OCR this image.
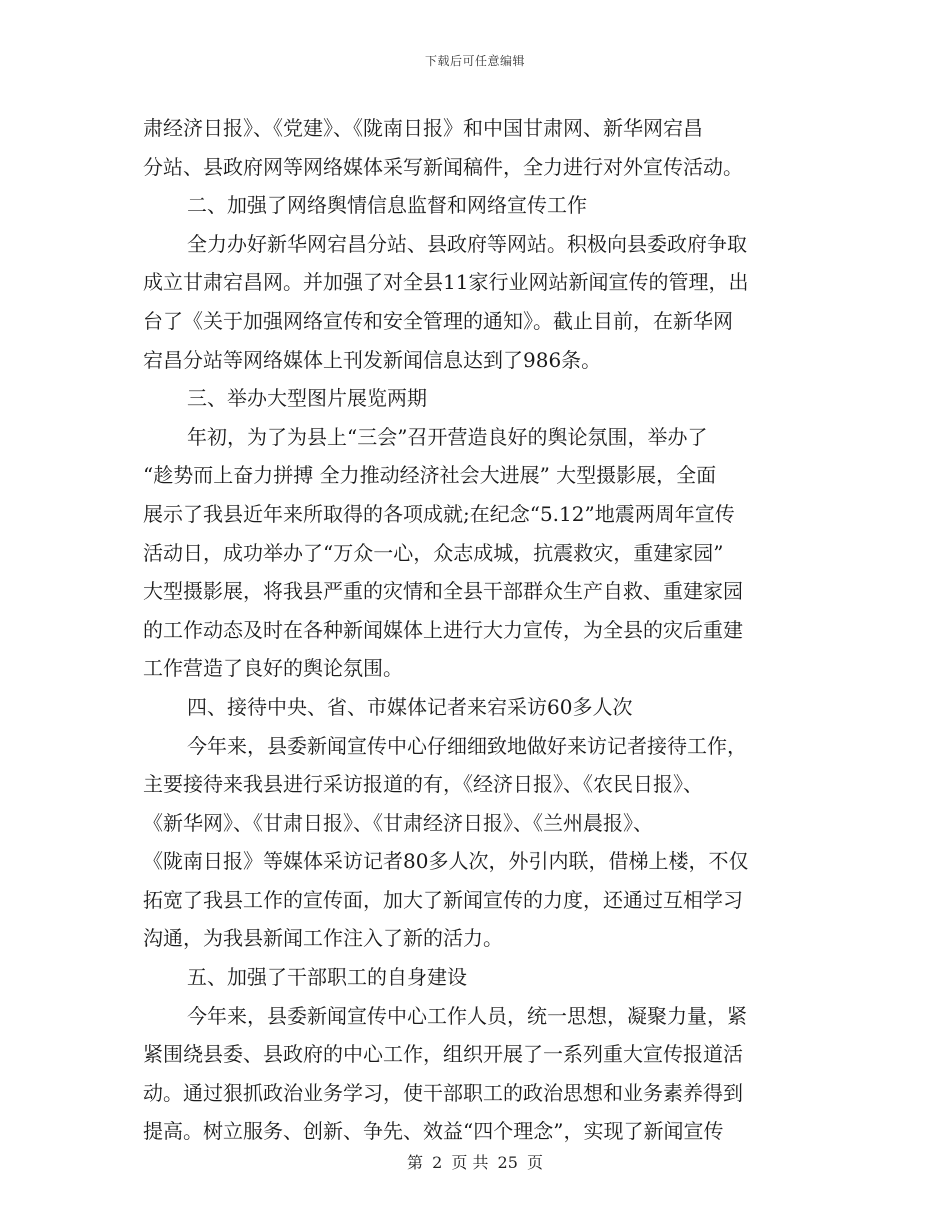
下载后可任意编辑
肃经济日报》、《党建》、《陇南日报》和中国甘肃网、新华网宕昌
分站、县政府网等网络媒体采写新闻稿件，全力进行对外宣传活动。
二、加强了网络舆情信息监督和网络宣传工作
全力办好新华网宕昌分站、县政府等网站。积极向县委政府争取
成立甘肃宕昌网。并加强了对全县11家行业网站新闻宣传的管理，出
台了《关于加强网络宣传和安全管理的通知》。截止目前，在新华网
宕昌分站等网络媒体上刊发新闻信息达到了986条。
三、举办大型图片展览两期
年初，为了为县上“三会”召开营造良好的舆论氛围，举办了
“趁势而上奋力拼搏 全力推动经济社会大进展” 大型摄影展，全面
展示了我县近年来所取得的各项成就;在纪念“5.12”地震两周年宣传
活动日，成功举办了“万众一心，众志成城，抗震救灾，重建家园”
大型摄影展，将我县严重的灾情和全县干部群众生产自救、重建家园
的工作动态及时在各种新闻媒体上进行大力宣传，为全县的灾后重建
工作营造了良好的舆论氛围。
四、接待中央、省、市媒体记者来宕采访60多人次
今年来，县委新闻宣传中心仔细细致地做好来访记者接待工作，
主要接待来我县进行采访报道的有，《经济日报》、《农民日报》、
《新华网》、《甘肃日报》、《甘肃经济日报》、《兰州晨报》、
《陇南日报》等媒体采访记者80多人次，外引内联，借梯上楼，不仅
拓宽了我县工作的宣传面，加大了新闻宣传的力度，还通过互相学习
沟通，为我县新闻工作注入了新的活力。
五、加强了干部职工的自身建设
今年来，县委新闻宣传中心工作人员，统一思想，凝聚力量，紧
紧围绕县委、县政府的中心工作，组织开展了一系列重大宣传报道活
动。通过狠抓政治业务学习，使干部职工的政治思想和业务素养得到
提高。树立服务、创新、争先、效益“四个理念”，实现了新闻宣传
第 2 页 共 25 页
